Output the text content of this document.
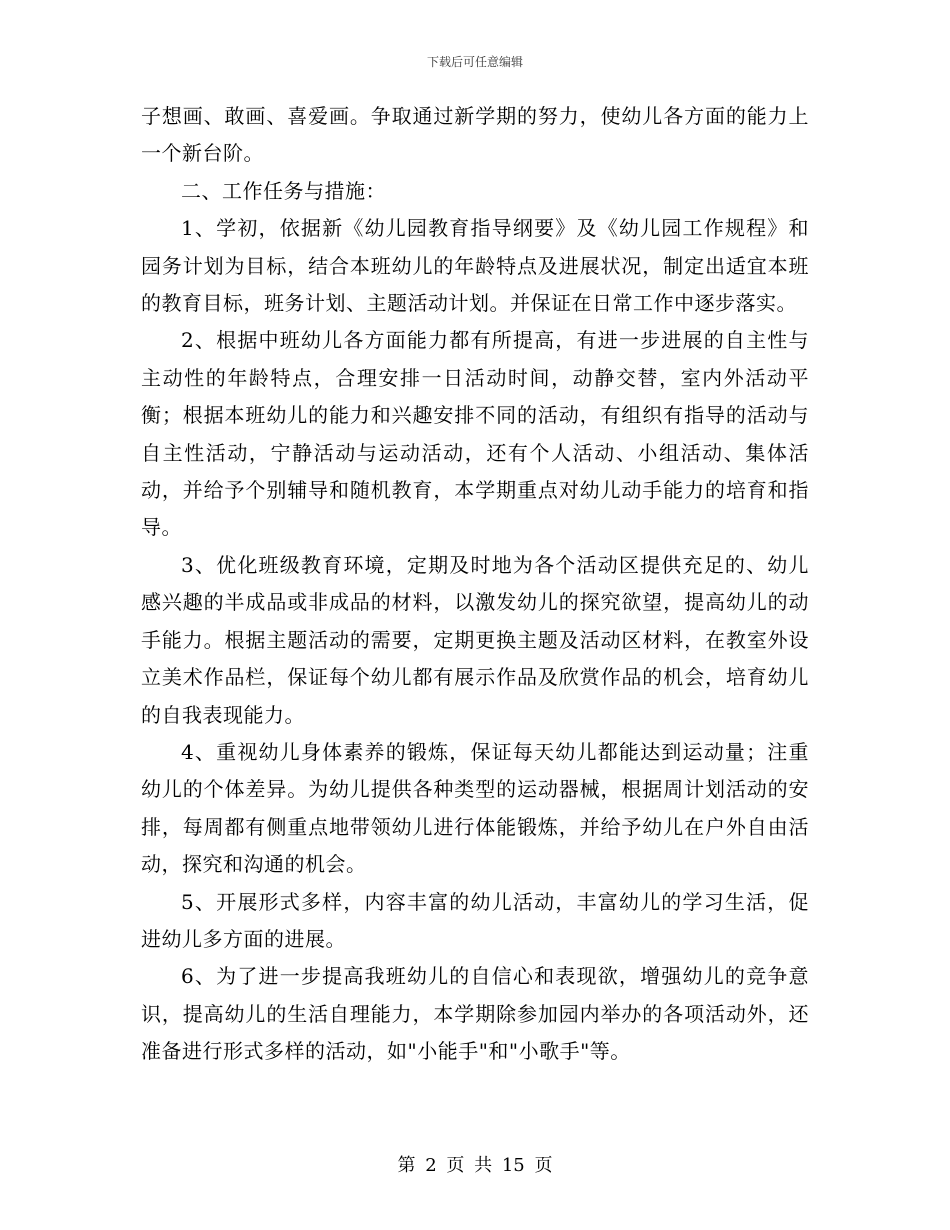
下载后可任意编辑

子想画、敢画、喜爱画。争取通过新学期的努力，使幼儿各方面的能力上一个新台阶。

二、工作任务与措施：

1、学初，依据新《幼儿园教育指导纲要》及《幼儿园工作规程》和园务计划为目标，结合本班幼儿的年龄特点及进展状况，制定出适宜本班的教育目标，班务计划、主题活动计划。并保证在日常工作中逐步落实。

2、根据中班幼儿各方面能力都有所提高，有进一步进展的自主性与主动性的年龄特点，合理安排一日活动时间，动静交替，室内外活动平衡；根据本班幼儿的能力和兴趣安排不同的活动，有组织有指导的活动与自主性活动，宁静活动与运动活动，还有个人活动、小组活动、集体活动，并给予个别辅导和随机教育，本学期重点对幼儿动手能力的培育和指导。

3、优化班级教育环境，定期及时地为各个活动区提供充足的、幼儿感兴趣的半成品或非成品的材料，以激发幼儿的探究欲望，提高幼儿的动手能力。根据主题活动的需要，定期更换主题及活动区材料，在教室外设立美术作品栏，保证每个幼儿都有展示作品及欣赏作品的机会，培育幼儿的自我表现能力。

4、重视幼儿身体素养的锻炼，保证每天幼儿都能达到运动量；注重幼儿的个体差异。为幼儿提供各种类型的运动器械，根据周计划活动的安排，每周都有侧重点地带领幼儿进行体能锻炼，并给予幼儿在户外自由活动，探究和沟通的机会。

5、开展形式多样，内容丰富的幼儿活动，丰富幼儿的学习生活，促进幼儿多方面的进展。

6、为了进一步提高我班幼儿的自信心和表现欲，增强幼儿的竞争意识，提高幼儿的生活自理能力，本学期除参加园内举办的各项活动外，还准备进行形式多样的活动，如"小能手"和"小歌手"等。

第 2 页 共 15 页
